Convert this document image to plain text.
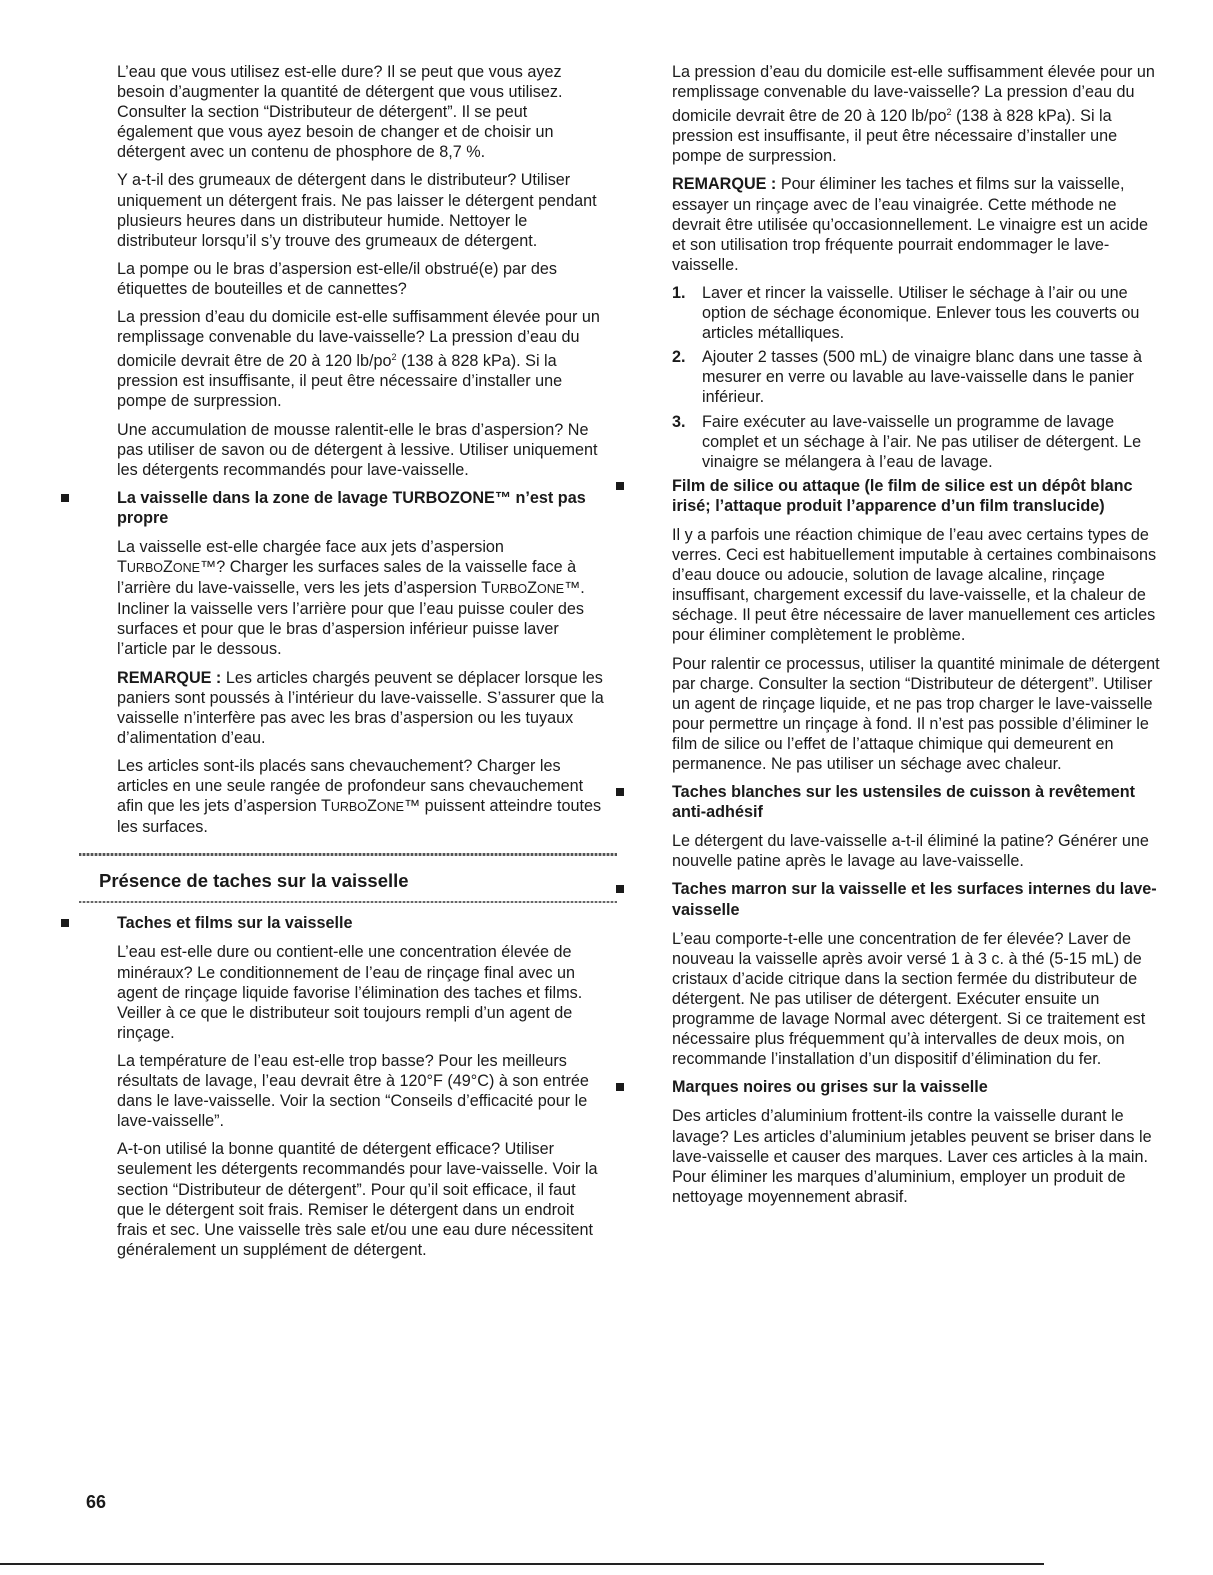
L’eau que vous utilisez est-elle dure? Il se peut que vous ayez besoin d’augmenter la quantité de détergent que vous utilisez. Consulter la section “Distributeur de détergent”. Il se peut également que vous ayez besoin de changer et de choisir un détergent avec un contenu de phosphore de 8,7 %.

Y a-t-il des grumeaux de détergent dans le distributeur? Utiliser uniquement un détergent frais. Ne pas laisser le détergent pendant plusieurs heures dans un distributeur humide. Nettoyer le distributeur lorsqu’il s’y trouve des grumeaux de détergent.

La pompe ou le bras d’aspersion est-elle/il obstrué(e) par des étiquettes de bouteilles et de cannettes?

La pression d’eau du domicile est-elle suffisamment élevée pour un remplissage convenable du lave-vaisselle? La pression d’eau du domicile devrait être de 20 à 120 $lb/po^2$ (138 à 828 kPa). Si la pression est insuffisante, il peut être nécessaire d’installer une pompe de surpression.

Une accumulation de mousse ralentit-elle le bras d’aspersion? Ne pas utiliser de savon ou de détergent à lessive. Utiliser uniquement les détergents recommandés pour lave-vaisselle.

La vaisselle dans la zone de lavage TURBOZONE™ n’est pas propre

La vaisselle est-elle chargée face aux jets d’aspersion TURBOZONE™? Charger les surfaces sales de la vaisselle face à l’arrière du lave-vaisselle, vers les jets d’aspersion TURBOZONE™. Incliner la vaisselle vers l’arrière pour que l’eau puisse couler des surfaces et pour que le bras d’aspersion inférieur puisse laver l’article par le dessous.

REMARQUE : Les articles chargés peuvent se déplacer lorsque les paniers sont poussés à l’intérieur du lave-vaisselle. S’assurer que la vaisselle n’interfère pas avec les bras d’aspersion ou les tuyaux d’alimentation d’eau.

Les articles sont-ils placés sans chevauchement? Charger les articles en une seule rangée de profondeur sans chevauchement afin que les jets d’aspersion TURBOZONE™ puissent atteindre toutes les surfaces.

Présence de taches sur la vaisselle
Taches et films sur la vaisselle

L’eau est-elle dure ou contient-elle une concentration élevée de minéraux? Le conditionnement de l’eau de rinçage final avec un agent de rinçage liquide favorise l’élimination des taches et films. Veiller à ce que le distributeur soit toujours rempli d’un agent de rinçage.

La température de l’eau est-elle trop basse? Pour les meilleurs résultats de lavage, l’eau devrait être à 120°F (49°C) à son entrée dans le lave-vaisselle. Voir la section “Conseils d’efficacité pour le lave-vaisselle”.

A-t-on utilisé la bonne quantité de détergent efficace? Utiliser seulement les détergents recommandés pour lave-vaisselle. Voir la section “Distributeur de détergent”. Pour qu’il soit efficace, il faut que le détergent soit frais. Remiser le détergent dans un endroit frais et sec. Une vaisselle très sale et/ou une eau dure nécessitent généralement un supplément de détergent.

La pression d’eau du domicile est-elle suffisamment élevée pour un remplissage convenable du lave-vaisselle? La pression d’eau du domicile devrait être de 20 à 120 $lb/po^2$ (138 à 828 kPa). Si la pression est insuffisante, il peut être nécessaire d’installer une pompe de surpression.

REMARQUE : Pour éliminer les taches et films sur la vaisselle, essayer un rinçage avec de l’eau vinaigrée. Cette méthode ne devrait être utilisée qu’occasionnellement. Le vinaigre est un acide et son utilisation trop fréquente pourrait endommager le lave-vaisselle.

1. Laver et rincer la vaisselle. Utiliser le séchage à l’air ou une option de séchage économique. Enlever tous les couverts ou articles métalliques.
2. Ajouter 2 tasses (500 mL) de vinaigre blanc dans une tasse à mesurer en verre ou lavable au lave-vaisselle dans le panier inférieur.
3. Faire exécuter au lave-vaisselle un programme de lavage complet et un séchage à l’air. Ne pas utiliser de détergent. Le vinaigre se mélangera à l’eau de lavage.
Film de silice ou attaque (le film de silice est un dépôt blanc irisé; l’attaque produit l’apparence d’un film translucide)

Il y a parfois une réaction chimique de l’eau avec certains types de verres. Ceci est habituellement imputable à certaines combinaisons d’eau douce ou adoucie, solution de lavage alcaline, rinçage insuffisant, chargement excessif du lave-vaisselle, et la chaleur de séchage. Il peut être nécessaire de laver manuellement ces articles pour éliminer complètement le problème.

Pour ralentir ce processus, utiliser la quantité minimale de détergent par charge. Consulter la section “Distributeur de détergent”. Utiliser un agent de rinçage liquide, et ne pas trop charger le lave-vaisselle pour permettre un rinçage à fond. Il n’est pas possible d’éliminer le film de silice ou l’effet de l’attaque chimique qui demeurent en permanence. Ne pas utiliser un séchage avec chaleur.

Taches blanches sur les ustensiles de cuisson à revêtement anti-adhésif

Le détergent du lave-vaisselle a-t-il éliminé la patine? Générer une nouvelle patine après le lavage au lave-vaisselle.

Taches marron sur la vaisselle et les surfaces internes du lave-vaisselle

L’eau comporte-t-elle une concentration de fer élevée? Laver de nouveau la vaisselle après avoir versé 1 à 3 c. à thé (5-15 mL) de cristaux d’acide citrique dans la section fermée du distributeur de détergent. Ne pas utiliser de détergent. Exécuter ensuite un programme de lavage Normal avec détergent. Si ce traitement est nécessaire plus fréquemment qu’à intervalles de deux mois, on recommande l’installation d’un dispositif d’élimination du fer.

Marques noires ou grises sur la vaisselle

Des articles d’aluminium frottent-ils contre la vaisselle durant le lavage? Les articles d’aluminium jetables peuvent se briser dans le lave-vaisselle et causer des marques. Laver ces articles à la main. Pour éliminer les marques d’aluminium, employer un produit de nettoyage moyennement abrasif.

66
